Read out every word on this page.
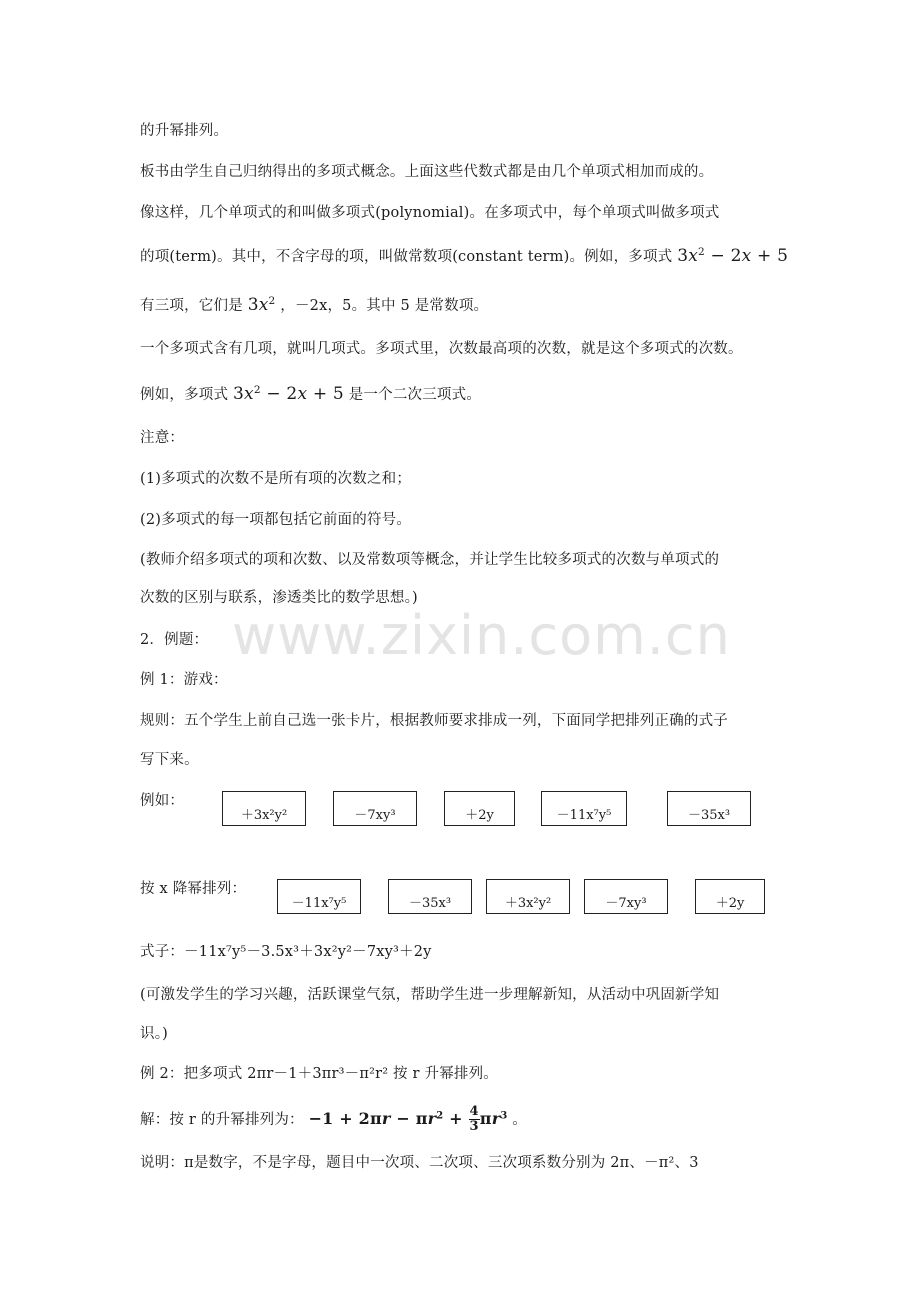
www.zixin.com.cn
的升幂排列。
板书由学生自己归纳得出的多项式概念。上面这些代数式都是由几个单项式相加而成的。
像这样，几个单项式的和叫做多项式(polynomial)。在多项式中，每个单项式叫做多项式
的项(term)。其中，不含字母的项，叫做常数项(constant term)。例如，多项式 $3x^2 - 2x + 5$
有三项，它们是 $3x^2$ ，－2x，5。其中 5 是常数项。
一个多项式含有几项，就叫几项式。多项式里，次数最高项的次数，就是这个多项式的次数。
例如，多项式 $3x^2 - 2x + 5$ 是一个二次三项式。
注意：
(1)多项式的次数不是所有项的次数之和；
(2)多项式的每一项都包括它前面的符号。
(教师介绍多项式的项和次数、以及常数项等概念，并让学生比较多项式的次数与单项式的
次数的区别与联系，渗透类比的数学思想。)
2．例题：
例 1：游戏：
规则：五个学生上前自己选一张卡片，根据教师要求排成一列，下面同学把排列正确的式子
写下来。
例如：
＋3x²y²	－7xy³	＋2y	－11x⁷y⁵	－35x³
按 x 降幂排列：
－11x⁷y⁵	－35x³	＋3x²y²	－7xy³	＋2y
式子：－11x⁷y⁵－3.5x³＋3x²y²－7xy³＋2y
(可激发学生的学习兴趣，活跃课堂气氛，帮助学生进一步理解新知，从活动中巩固新学知
识。)
例 2：把多项式 2πr－1＋3πr³－π²r² 按 r 升幂排列。
解：按 r 的升幂排列为： $-1 + 2\pi r - \pi r^2 + \frac{4}{3} \pi r^3$ 。
说明：π是数字，不是字母，题目中一次项、二次项、三次项系数分别为 2π、－π²、3
